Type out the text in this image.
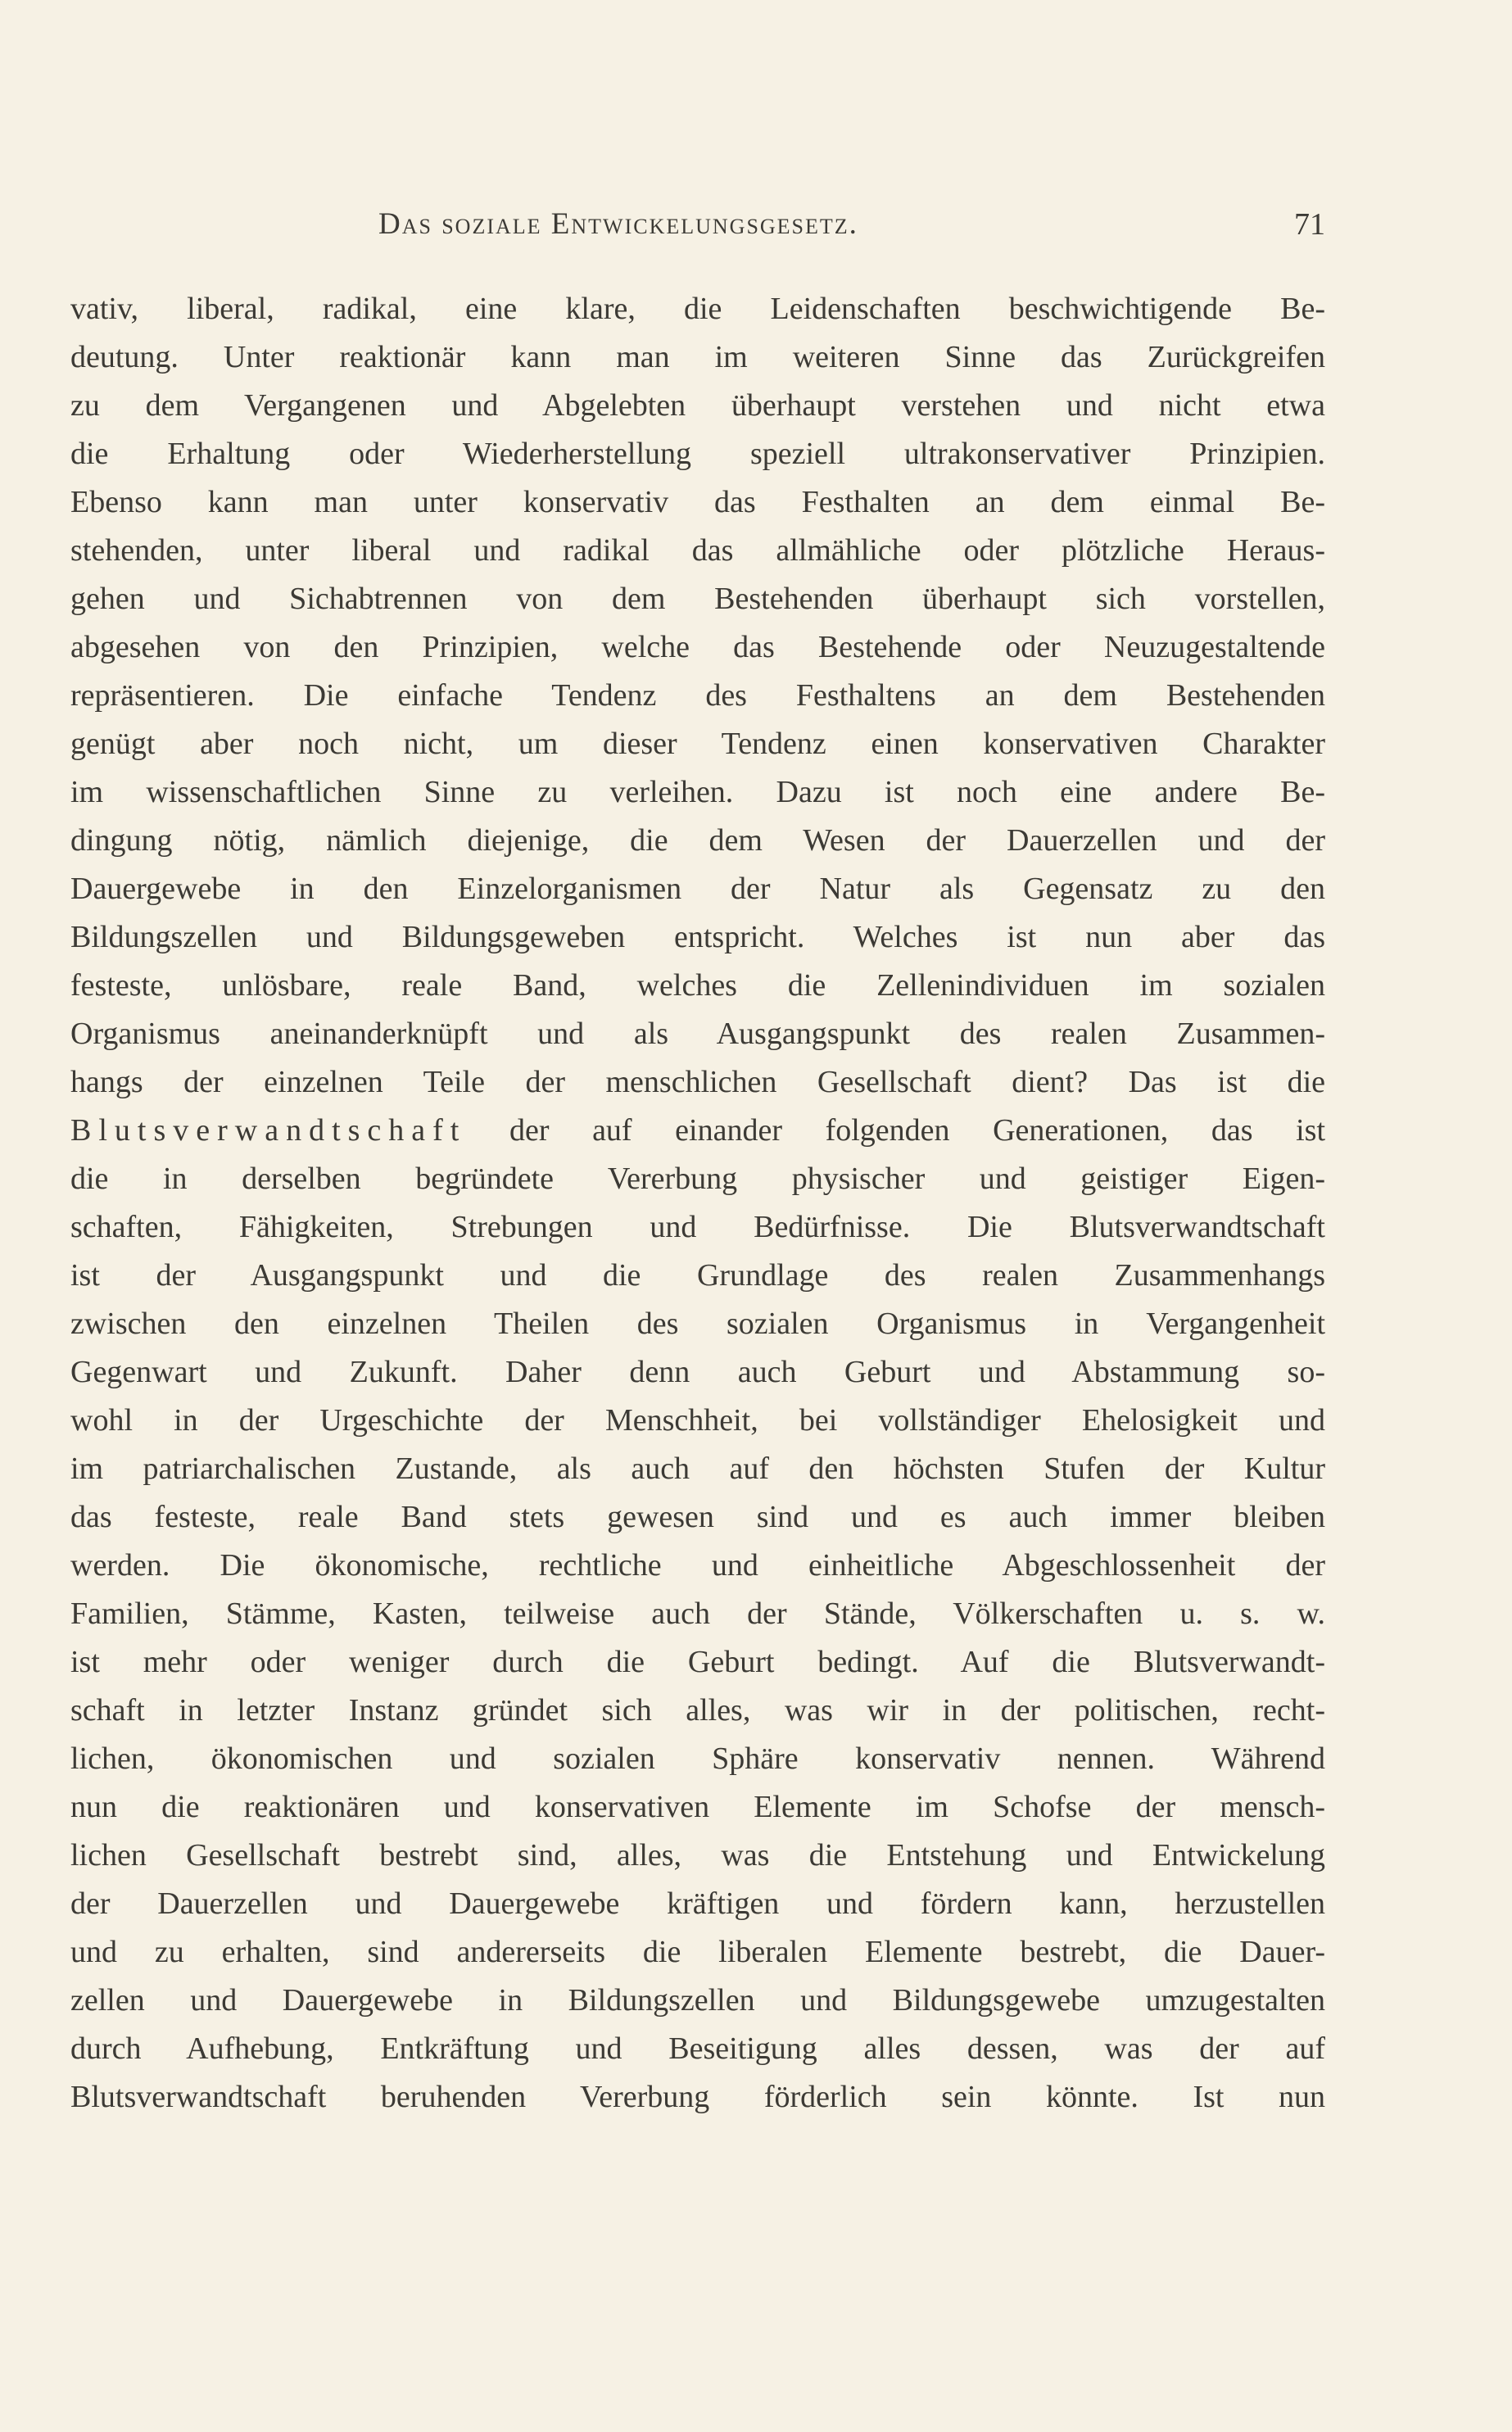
Das soziale Entwickelungsgesetz.	71
vativ, liberal, radikal, eine klare, die Leidenschaften beschwichtigende Be-
deutung. Unter reaktionär kann man im weiteren Sinne das Zurückgreifen
zu dem Vergangenen und Abgelebten überhaupt verstehen und nicht etwa
die Erhaltung oder Wiederherstellung speziell ultrakonservativer Prinzipien.
Ebenso kann man unter konservativ das Festhalten an dem einmal Be-
stehenden, unter liberal und radikal das allmähliche oder plötzliche Heraus-
gehen und Sichabtrennen von dem Bestehenden überhaupt sich vorstellen,
abgesehen von den Prinzipien, welche das Bestehende oder Neuzugestaltende
repräsentieren. Die einfache Tendenz des Festhaltens an dem Bestehenden
genügt aber noch nicht, um dieser Tendenz einen konservativen Charakter
im wissenschaftlichen Sinne zu verleihen. Dazu ist noch eine andere Be-
dingung nötig, nämlich diejenige, die dem Wesen der Dauerzellen und der
Dauergewebe in den Einzelorganismen der Natur als Gegensatz zu den
Bildungszellen und Bildungsgeweben entspricht. Welches ist nun aber das
festeste, unlösbare, reale Band, welches die Zellenindividuen im sozialen
Organismus aneinanderknüpft und als Ausgangspunkt des realen Zusammen-
hangs der einzelnen Teile der menschlichen Gesellschaft dient? Das ist die
Blutsverwandtschaft der auf einander folgenden Generationen, das ist
die in derselben begründete Vererbung physischer und geistiger Eigen-
schaften, Fähigkeiten, Strebungen und Bedürfnisse. Die Blutsverwandtschaft
ist der Ausgangspunkt und die Grundlage des realen Zusammenhangs
zwischen den einzelnen Theilen des sozialen Organismus in Vergangenheit
Gegenwart und Zukunft. Daher denn auch Geburt und Abstammung so-
wohl in der Urgeschichte der Menschheit, bei vollständiger Ehelosigkeit und
im patriarchalischen Zustande, als auch auf den höchsten Stufen der Kultur
das festeste, reale Band stets gewesen sind und es auch immer bleiben
werden. Die ökonomische, rechtliche und einheitliche Abgeschlossenheit der
Familien, Stämme, Kasten, teilweise auch der Stände, Völkerschaften u. s. w.
ist mehr oder weniger durch die Geburt bedingt. Auf die Blutsverwandt-
schaft in letzter Instanz gründet sich alles, was wir in der politischen, recht-
lichen, ökonomischen und sozialen Sphäre konservativ nennen. Während
nun die reaktionären und konservativen Elemente im Schofse der mensch-
lichen Gesellschaft bestrebt sind, alles, was die Entstehung und Entwickelung
der Dauerzellen und Dauergewebe kräftigen und fördern kann, herzustellen
und zu erhalten, sind andererseits die liberalen Elemente bestrebt, die Dauer-
zellen und Dauergewebe in Bildungszellen und Bildungsgewebe umzugestalten
durch Aufhebung, Entkräftung und Beseitigung alles dessen, was der auf
Blutsverwandtschaft beruhenden Vererbung förderlich sein könnte. Ist nun
